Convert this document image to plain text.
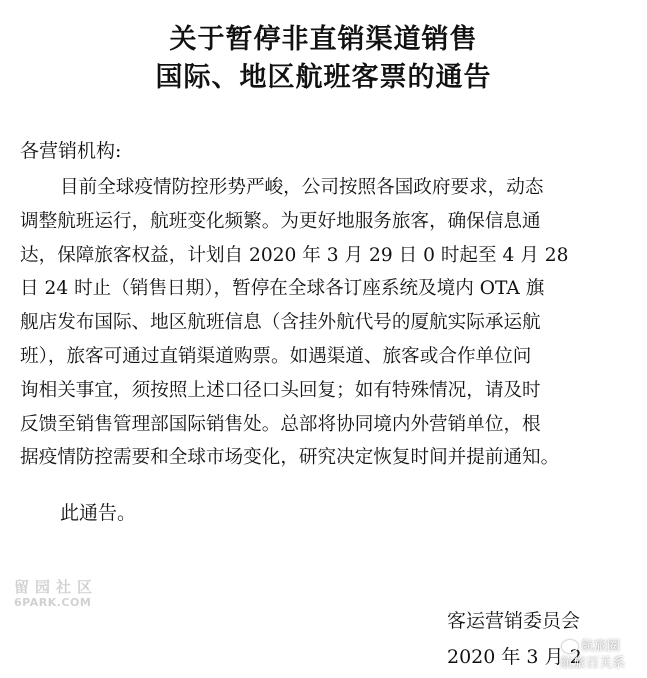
关于暂停非直销渠道销售
国际、地区航班客票的通告
各营销机构:
目前全球疫情防控形势严峻，公司按照各国政府要求，动态
调整航班运行，航班变化频繁。为更好地服务旅客，确保信息通
达，保障旅客权益，计划自 2020 年 3 月 29 日 0 时起至 4 月 28
日 24 时止（销售日期），暂停在全球各订座系统及境内 OTA 旗
舰店发布国际、地区航班信息（含挂外航代号的厦航实际承运航
班），旅客可通过直销渠道购票。如遇渠道、旅客或合作单位问
询相关事宜，须按照上述口径口头回复；如有特殊情况，请及时
反馈至销售管理部国际销售处。总部将协同境内外营销单位，根
据疫情防控需要和全球市场变化，研究决定恢复时间并提前通知。
此通告。
客运营销委员会
2020 年 3 月 2
留园社区
6PARK.COM
航旅圈
航旅百关系
